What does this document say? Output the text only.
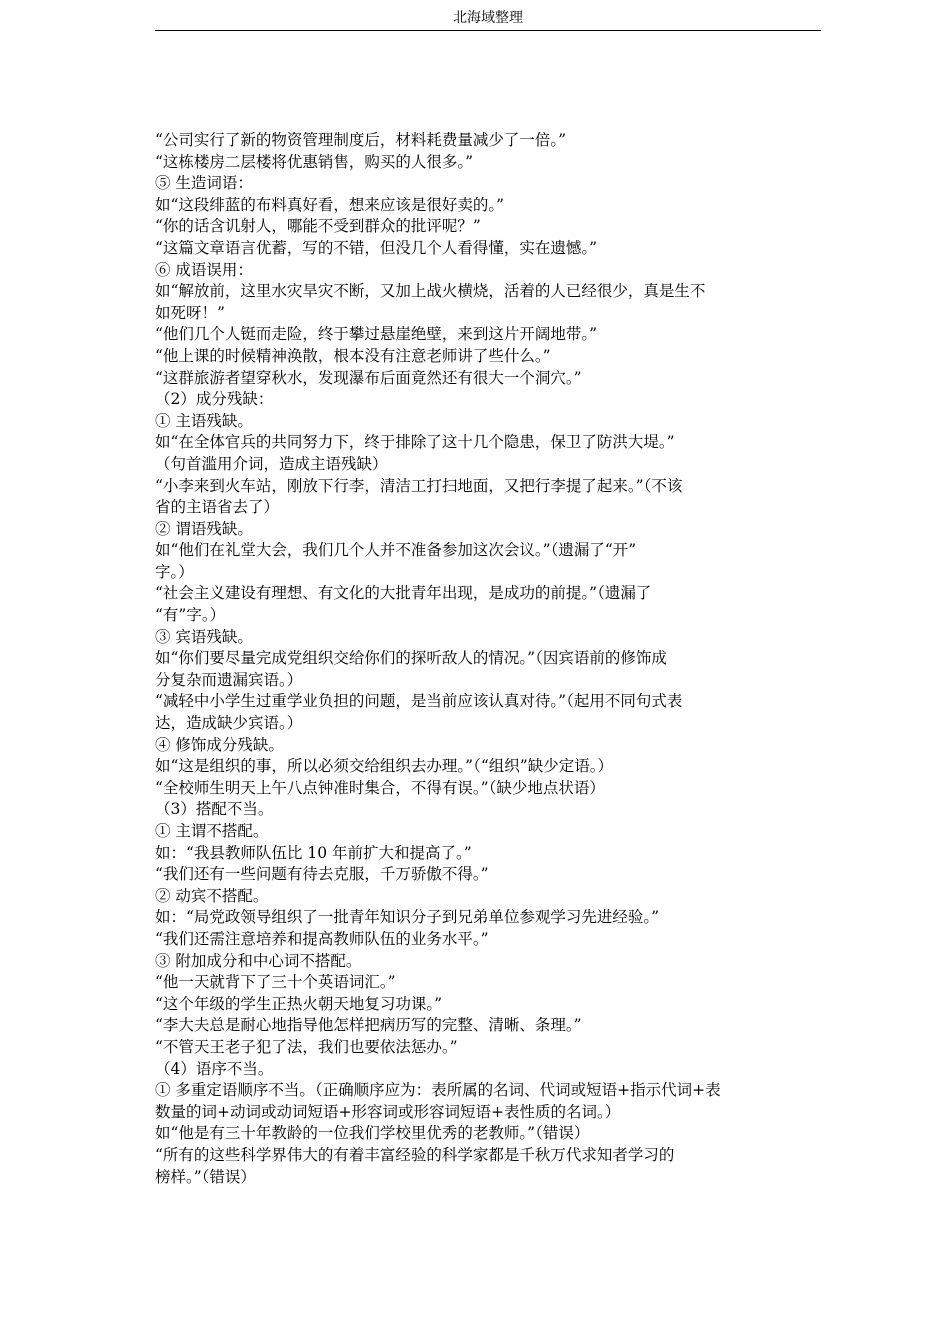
北海域整理
“公司实行了新的物资管理制度后，材料耗费量减少了一倍。”
“这栋楼房二层楼将优惠销售，购买的人很多。”
⑤ 生造词语：
如“这段绯蓝的布料真好看，想来应该是很好卖的。”
“你的话含讥射人，哪能不受到群众的批评呢？”
“这篇文章语言优蓄，写的不错，但没几个人看得懂，实在遗憾。”
⑥ 成语误用：
如“解放前，这里水灾旱灾不断，又加上战火横烧，活着的人已经很少，真是生不
如死呀！”
“他们几个人铤而走险，终于攀过悬崖绝壁，来到这片开阔地带。”
“他上课的时候精神涣散，根本没有注意老师讲了些什么。”
“这群旅游者望穿秋水，发现瀑布后面竟然还有很大一个洞穴。”
（2）成分残缺：
① 主语残缺。
如“在全体官兵的共同努力下，终于排除了这十几个隐患，保卫了防洪大堤。”
（句首滥用介词，造成主语残缺）
“小李来到火车站，刚放下行李，清洁工打扫地面，又把行李提了起来。”（不该
省的主语省去了）
② 谓语残缺。
如“他们在礼堂大会，我们几个人并不准备参加这次会议。”（遗漏了“开”
字。）
“社会主义建设有理想、有文化的大批青年出现，是成功的前提。”（遗漏了
“有”字。）
③ 宾语残缺。
如“你们要尽量完成党组织交给你们的探听敌人的情况。”（因宾语前的修饰成
分复杂而遗漏宾语。）
“减轻中小学生过重学业负担的问题，是当前应该认真对待。”（起用不同句式表
达，造成缺少宾语。）
④ 修饰成分残缺。
如“这是组织的事，所以必须交给组织去办理。”（“组织”缺少定语。）
“全校师生明天上午八点钟准时集合，不得有误。”（缺少地点状语）
（3）搭配不当。
① 主谓不搭配。
如：“我县教师队伍比 10 年前扩大和提高了。”
“我们还有一些问题有待去克服，千万骄傲不得。”
② 动宾不搭配。
如：“局党政领导组织了一批青年知识分子到兄弟单位参观学习先进经验。”
“我们还需注意培养和提高教师队伍的业务水平。”
③ 附加成分和中心词不搭配。
“他一天就背下了三十个英语词汇。”
“这个年级的学生正热火朝天地复习功课。”
“李大夫总是耐心地指导他怎样把病历写的完整、清晰、条理。”
“不管天王老子犯了法，我们也要依法惩办。”
（4）语序不当。
① 多重定语顺序不当。（正确顺序应为：表所属的名词、代词或短语+指示代词+表
数量的词+动词或动词短语+形容词或形容词短语+表性质的名词。）
如“他是有三十年教龄的一位我们学校里优秀的老教师。”（错误）
“所有的这些科学界伟大的有着丰富经验的科学家都是千秋万代求知者学习的
榜样。”（错误）
